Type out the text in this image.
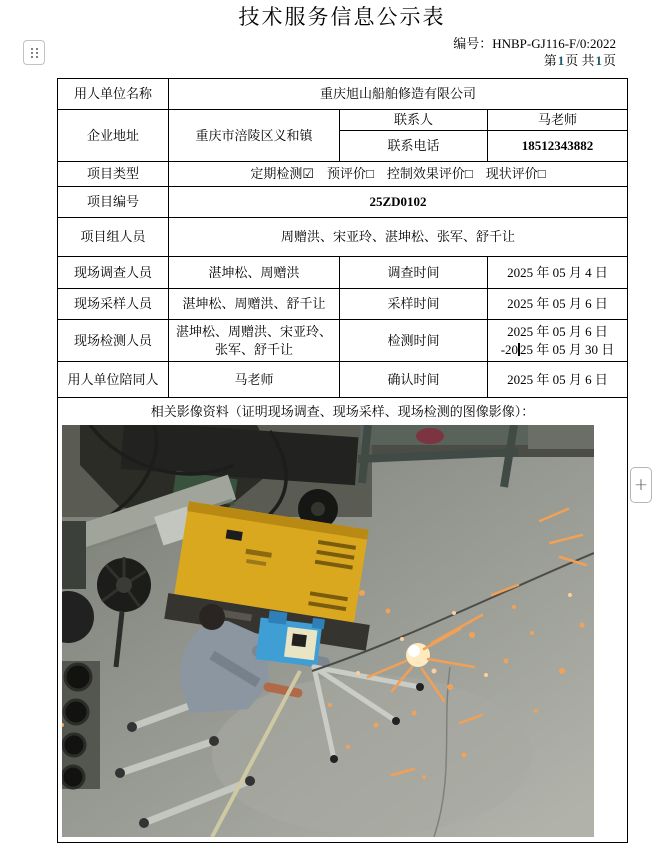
技术服务信息公示表
编号：HNBP-GJ116-F/0:2022
第1页 共1页
+
用人单位名称	重庆旭山船舶修造有限公司		
企业地址	重庆市涪陵区义和镇	联系人	马老师
		联系电话	18512343882
项目类型	定期检测☑　预评价□　控制效果评价□　现状评价□		
项目编号	25ZD0102		
项目组人员	周赠洪、宋亚玲、湛坤松、张军、舒千让		
现场调查人员	湛坤松、周赠洪	调查时间	2025 年 05 月 4 日
现场采样人员	湛坤松、周赠洪、舒千让	采样时间	2025 年 05 月 6 日
现场检测人员	湛坤松、周赠洪、宋亚玲、张军、舒千让	检测时间	2025 年 05 月 6 日
-20 25 年 05 月 30 日
用人单位陪同人	马老师	确认时间	2025 年 05 月 6 日

相关影像资料（证明现场调查、现场采样、现场检测的图像影像）：			
